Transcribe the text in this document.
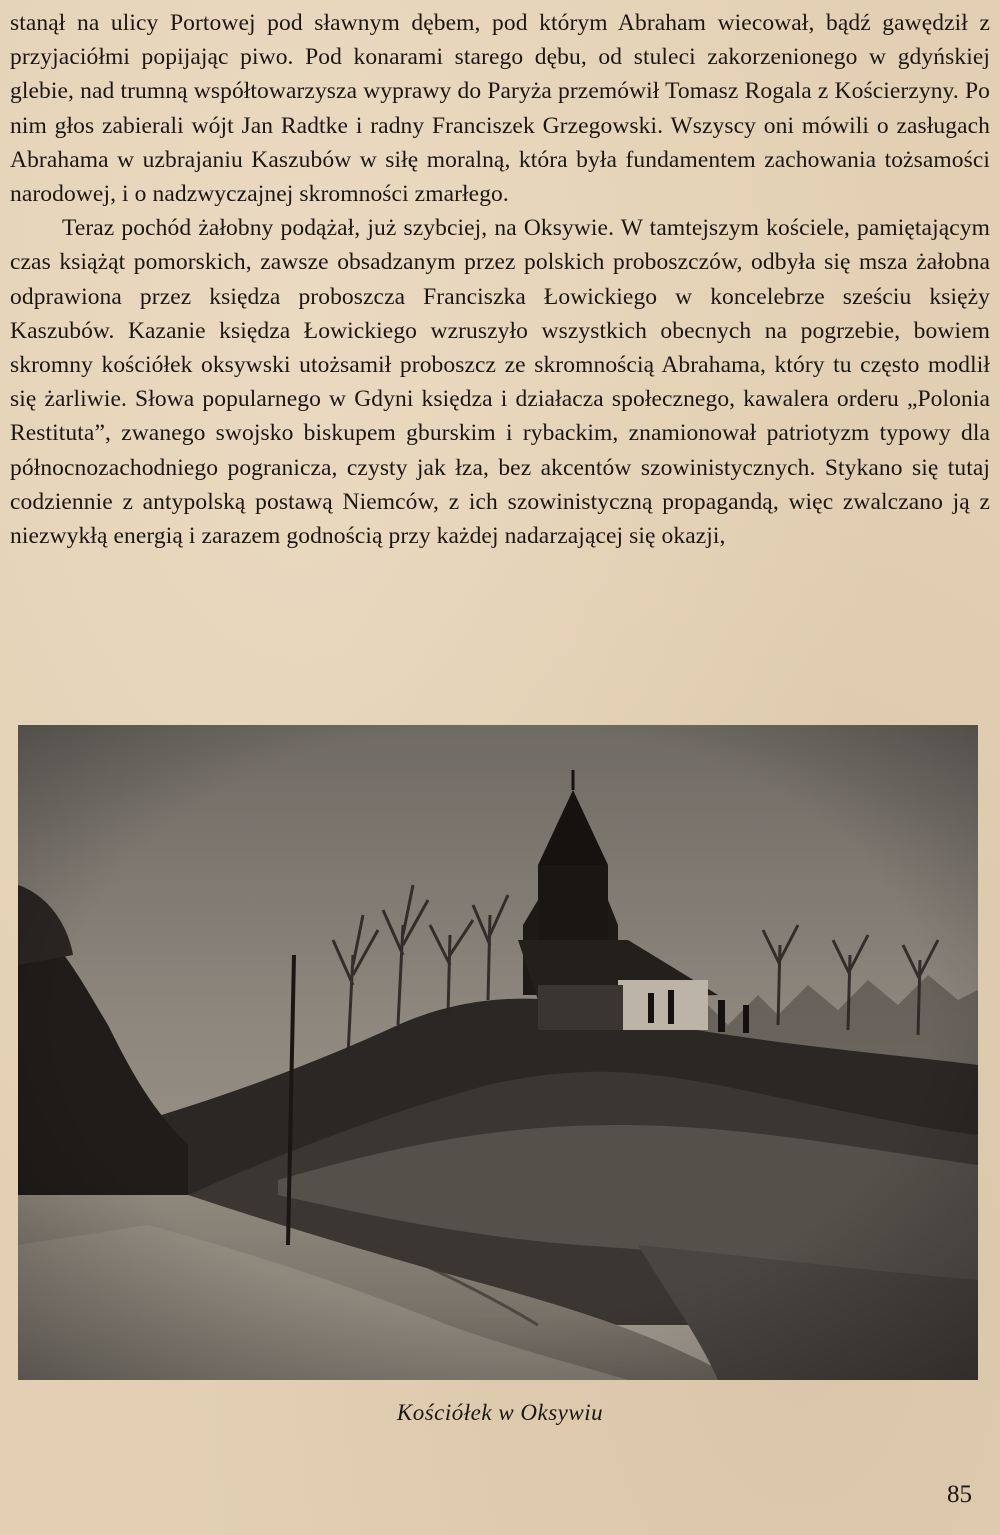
stanął na ulicy Portowej pod sławnym dębem, pod którym Abraham wiecował, bądź gawędził z przyjaciółmi popijając piwo. Pod konarami starego dębu, od stuleci zakorzenionego w gdyńskiej glebie, nad trumną współtowarzysza wyprawy do Paryża przemówił Tomasz Rogala z Kościerzyny. Po nim głos zabierali wójt Jan Radtke i radny Franciszek Grzegowski. Wszyscy oni mówili o zasługach Abrahama w uzbrajaniu Kaszubów w siłę moralną, która była fundamentem zachowania tożsamości narodowej, i o nadzwyczajnej skromności zmarłego.

Teraz pochód żałobny podążał, już szybciej, na Oksywie. W tamtejszym kościele, pamiętającym czas książąt pomorskich, zawsze obsadzanym przez polskich proboszczów, odbyła się msza żałobna odprawiona przez księdza proboszcza Franciszka Łowickiego w koncelebrze sześciu księży Kaszubów. Kazanie księdza Łowickiego wzruszyło wszystkich obecnych na pogrzebie, bowiem skromny kościółek oksywski utożsamił proboszcz ze skromnością Abrahama, który tu często modlił się żarliwie. Słowa popularnego w Gdyni księdza i działacza społecznego, kawalera orderu „Polonia Restituta”, zwanego swojsko biskupem gburskim i rybackim, znamionował patriotyzm typowy dla północnozachodniego pogranicza, czysty jak łza, bez akcentów szowinistycznych. Stykano się tutaj codziennie z antypolską postawą Niemców, z ich szowinistyczną propagandą, więc zwalczano ją z niezwykłą energią i zarazem godnością przy każdej nadarzającej się okazji,

Kościółek w Oksywiu
85
